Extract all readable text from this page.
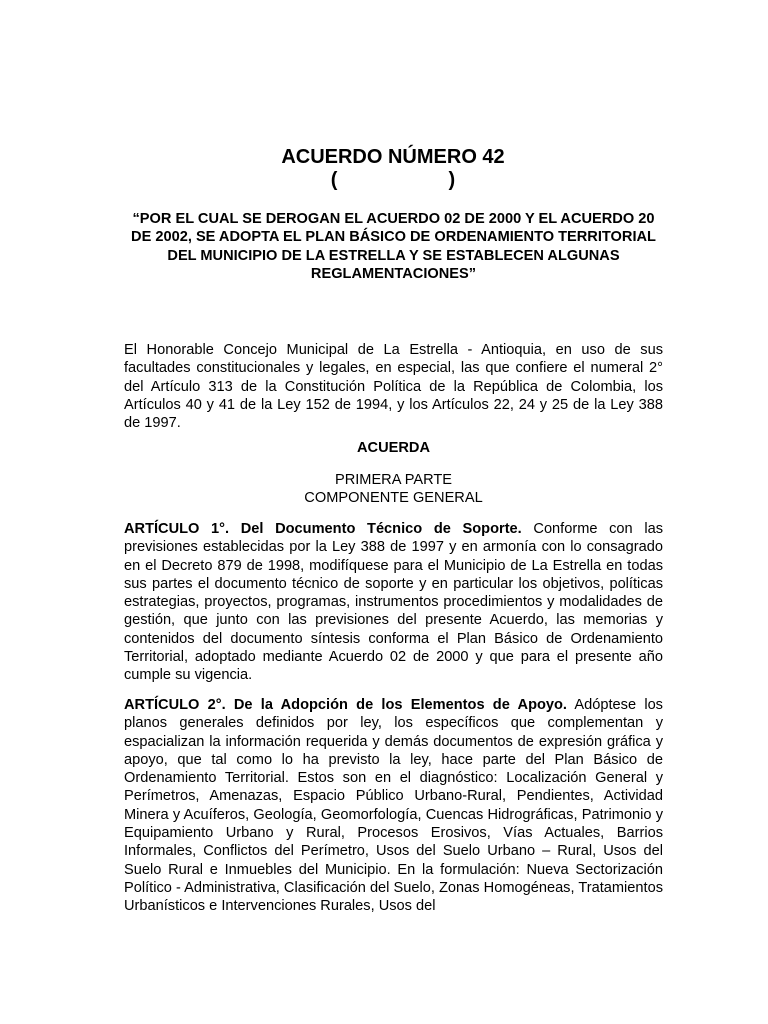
ACUERDO NÚMERO 42
(                    )
“POR EL CUAL SE DEROGAN EL ACUERDO 02 DE 2000 Y EL ACUERDO 20 DE 2002, SE ADOPTA EL PLAN BÁSICO DE ORDENAMIENTO TERRITORIAL DEL MUNICIPIO DE LA ESTRELLA Y SE ESTABLECEN ALGUNAS REGLAMENTACIONES”
El Honorable Concejo Municipal de La Estrella - Antioquia, en uso de sus facultades constitucionales y legales, en especial, las que confiere el numeral 2° del Artículo 313 de la Constitución Política de la República de Colombia, los Artículos 40 y 41 de la Ley 152 de 1994, y los Artículos 22, 24 y 25 de la Ley 388 de 1997.
ACUERDA
PRIMERA PARTE
COMPONENTE GENERAL
ARTÍCULO 1°. Del Documento Técnico de Soporte. Conforme con las previsiones establecidas por la Ley 388 de 1997 y en armonía con lo consagrado en el Decreto 879 de 1998, modifíquese para el Municipio de La Estrella en todas sus partes el documento técnico de soporte y en particular los objetivos, políticas estrategias, proyectos, programas, instrumentos procedimientos y modalidades de gestión, que junto con las previsiones del presente Acuerdo, las memorias y contenidos del documento síntesis conforma el Plan Básico de Ordenamiento Territorial, adoptado mediante Acuerdo 02 de 2000 y que para el presente año cumple su vigencia.
ARTÍCULO 2°. De la Adopción de los Elementos de Apoyo. Adóptese los planos generales definidos por ley, los específicos que complementan y espacializan la información requerida y demás documentos de expresión gráfica y apoyo, que tal como lo ha previsto la ley, hace parte del Plan Básico de Ordenamiento Territorial. Estos son en el diagnóstico: Localización General y Perímetros, Amenazas, Espacio Público Urbano-Rural, Pendientes, Actividad Minera y Acuíferos, Geología, Geomorfología, Cuencas Hidrográficas, Patrimonio y Equipamiento Urbano y Rural, Procesos Erosivos, Vías Actuales, Barrios Informales, Conflictos del Perímetro, Usos del Suelo Urbano – Rural, Usos del Suelo Rural e Inmuebles del Municipio. En la formulación: Nueva Sectorización Político - Administrativa, Clasificación del Suelo, Zonas Homogéneas, Tratamientos Urbanísticos e Intervenciones Rurales, Usos del
